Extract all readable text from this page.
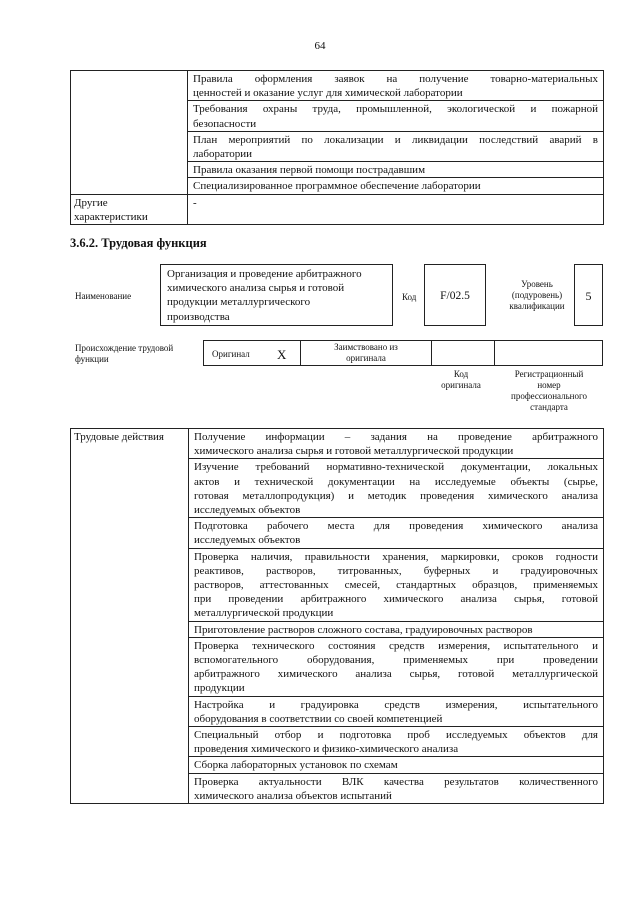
64

	Правила оформления заявок на получение товарно-материальных
ценностей и оказание услуг для химической лаборатории

	Требования охраны труда, промышленной, экологической и пожарной
безопасности

	План мероприятий по локализации и ликвидации последствий аварий в
лаборатории

	Правила оказания первой помощи пострадавшим

	Специализированное программное обеспечение лаборатории

Другие
характеристики	-
3.6.2. Трудовая функция
Наименование
Организация и проведение арбитражного
химического анализа сырья и готовой
продукции металлургического
производства
Код	F/02.5
Уровень
(подуровень)
квалификации
5
Происхождение трудовой
функции	Оригинал X	Заимствовано из
оригинала
Код
оригинала
Регистрационный
номер
профессионального
стандарта
Трудовые действия	Получение информации – задания на проведение арбитражного
химического анализа сырья и готовой металлургической продукции

Изучение требований нормативно-технической документации, локальных
актов и технической документации на исследуемые объекты (сырье,
готовая металлопродукция) и методик проведения химического анализа
исследуемых объектов

Подготовка рабочего места для проведения химического анализа
исследуемых объектов

Проверка наличия, правильности хранения, маркировки, сроков годности
реактивов, растворов, титрованных, буферных и градуировочных
растворов, аттестованных смесей, стандартных образцов, применяемых
при проведении арбитражного химического анализа сырья, готовой
металлургической продукции

Приготовление растворов сложного состава, градуировочных растворов

Проверка технического состояния средств измерения, испытательного и
вспомогательного оборудования, применяемых при проведении
арбитражного химического анализа сырья, готовой металлургической
продукции

Настройка и градуировка средств измерения, испытательного
оборудования в соответствии со своей компетенцией

Специальный отбор и подготовка проб исследуемых объектов для
проведения химического и физико-химического анализа

Сборка лабораторных установок по схемам

Проверка актуальности ВЛК качества результатов количественного
химического анализа объектов испытаний
